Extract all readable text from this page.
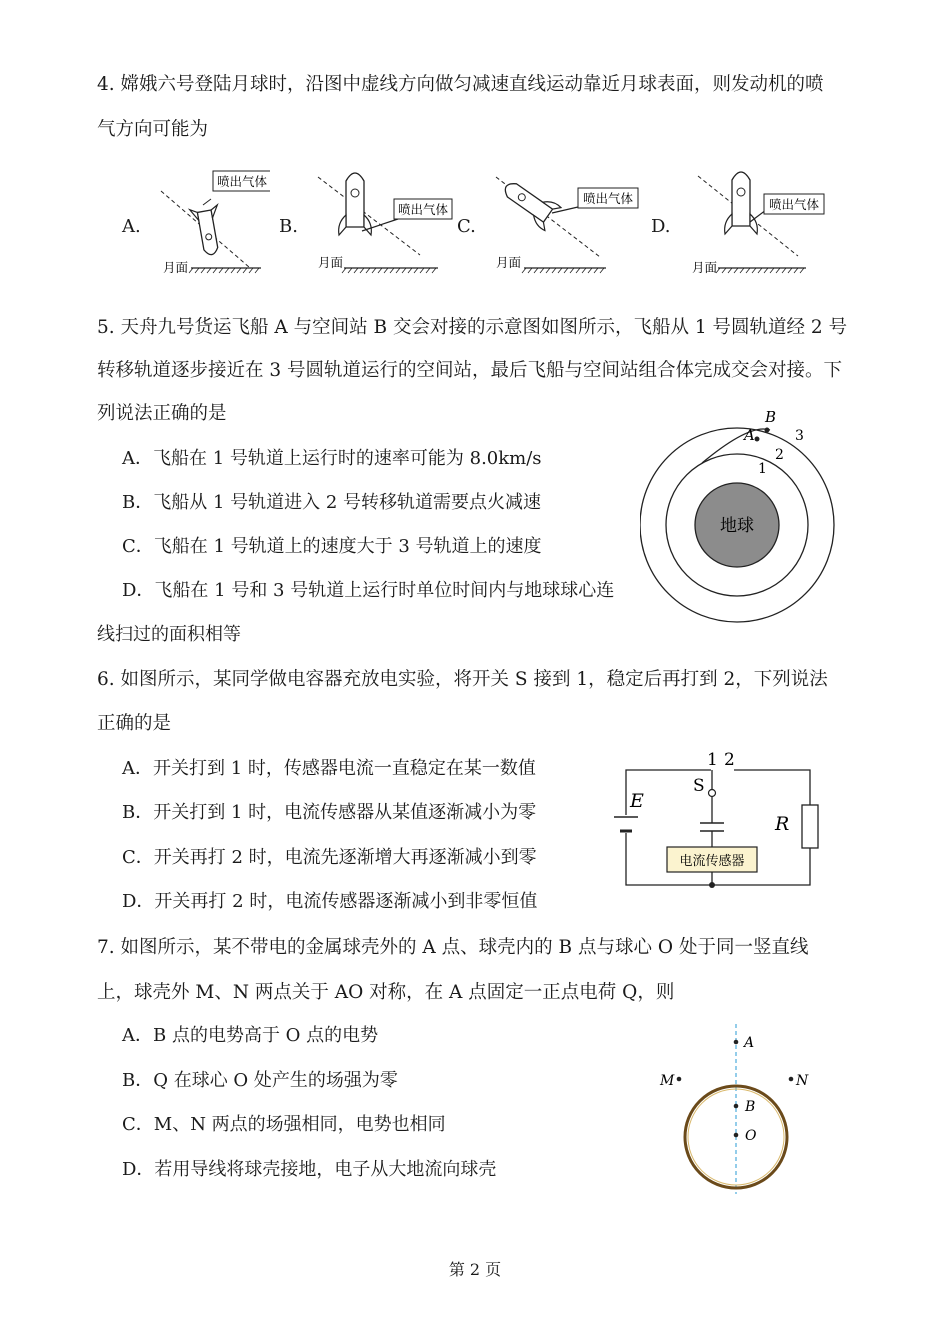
4. 嫦娥六号登陆月球时，沿图中虚线方向做匀减速直线运动靠近月球表面，则发动机的喷
气方向可能为
A.	B.	C.	D.
喷出气体
月面
喷出气体
月面
喷出气体
月面
喷出气体
月面
5. 天舟九号货运飞船 A 与空间站 B 交会对接的示意图如图所示，飞船从 1 号圆轨道经 2 号
转移轨道逐步接近在 3 号圆轨道运行的空间站，最后飞船与空间站组合体完成交会对接。下
列说法正确的是
A．飞船在 1 号轨道上运行时的速率可能为 8.0km/s
B．飞船从 1 号轨道进入 2 号转移轨道需要点火减速
C．飞船在 1 号轨道上的速度大于 3 号轨道上的速度
D．飞船在 1 号和 3 号轨道上运行时单位时间内与地球球心连
线扫过的面积相等
地球
A
B
1
2
3
6. 如图所示，某同学做电容器充放电实验，将开关 S 接到 1，稳定后再打到 2，下列说法
正确的是
A．开关打到 1 时，传感器电流一直稳定在某一数值
B．开关打到 1 时，电流传感器从某值逐渐减小为零
C．开关再打 2 时，电流先逐渐增大再逐渐减小到零
D．开关再打 2 时，电流传感器逐渐减小到非零恒值
E
R
1 2
S
电流传感器
7. 如图所示，某不带电的金属球壳外的 A 点、球壳内的 B 点与球心 O 处于同一竖直线
上，球壳外 M、N 两点关于 AO 对称，在 A 点固定一正点电荷 Q，则
A．B 点的电势高于 O 点的电势
B．Q 在球心 O 处产生的场强为零
C．M、N 两点的场强相同，电势也相同
D．若用导线将球壳接地，电子从大地流向球壳
A
B
O
M	N
第 2 页
